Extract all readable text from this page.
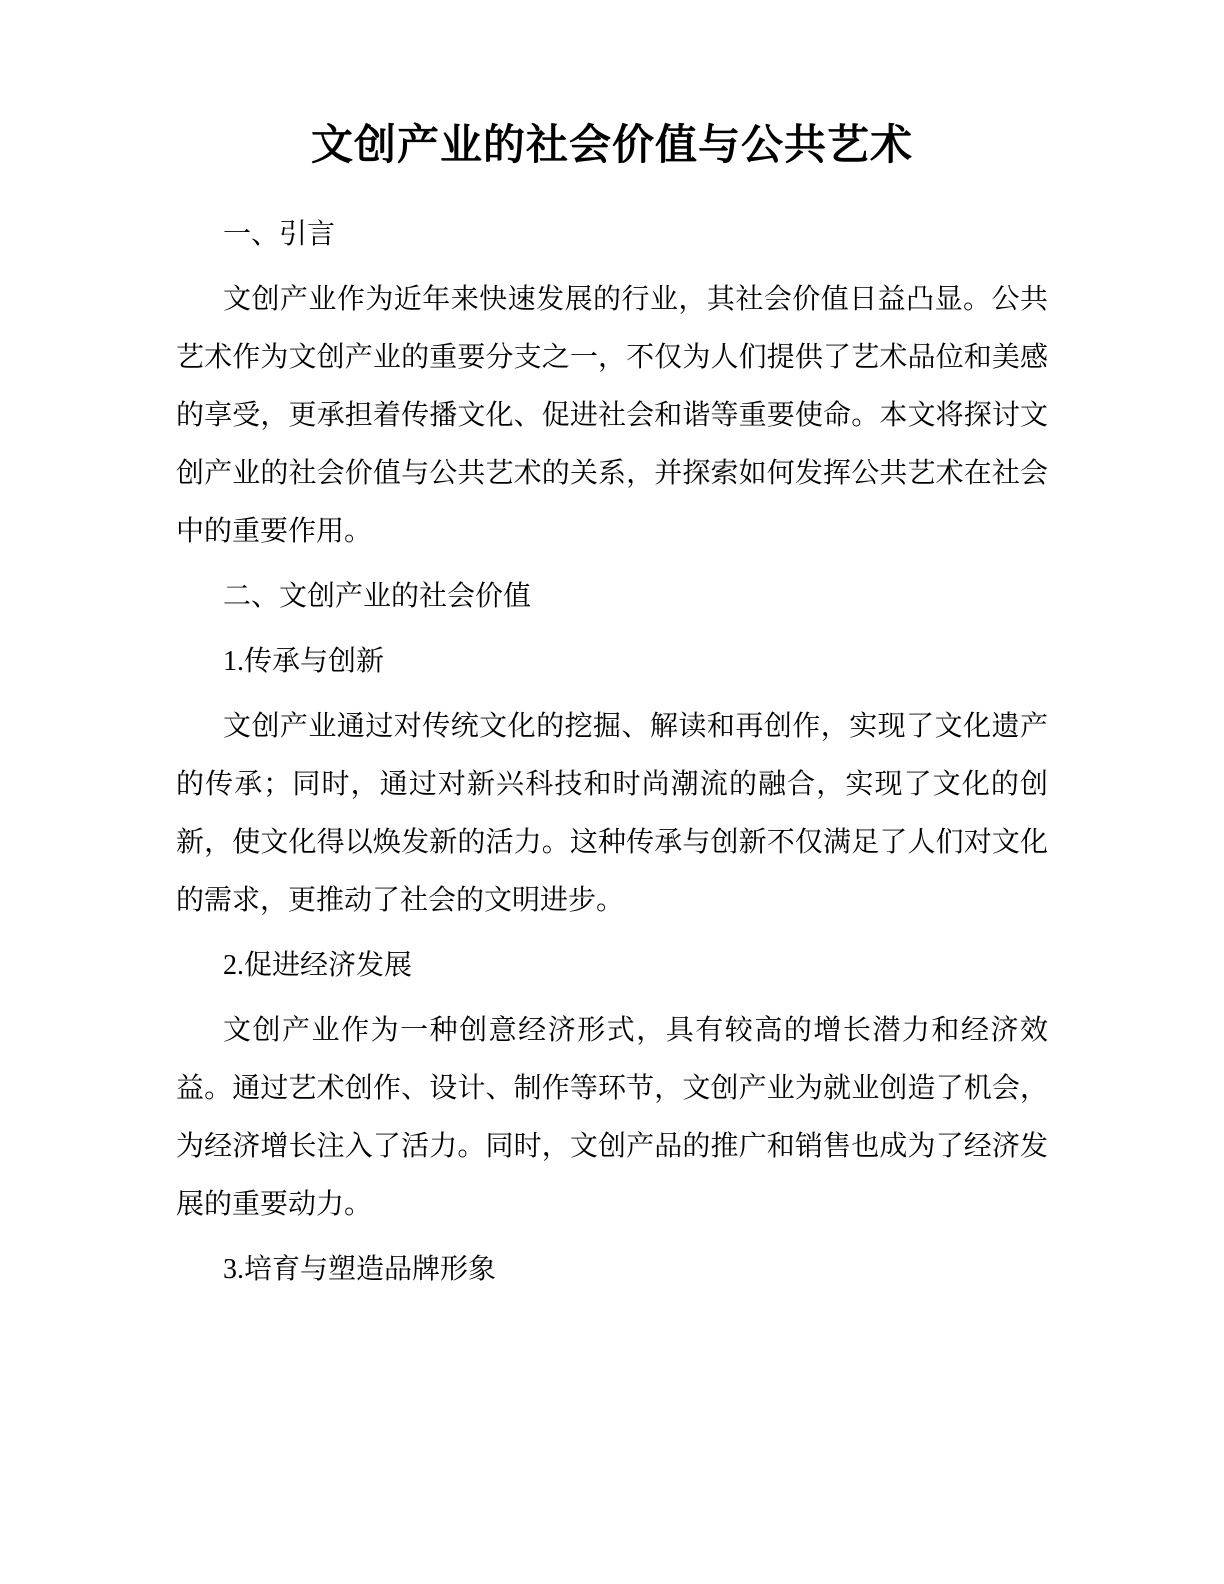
文创产业的社会价值与公共艺术

一、引言

文创产业作为近年来快速发展的行业，其社会价值日益凸显。公共艺术作为文创产业的重要分支之一，不仅为人们提供了艺术品位和美感的享受，更承担着传播文化、促进社会和谐等重要使命。本文将探讨文创产业的社会价值与公共艺术的关系，并探索如何发挥公共艺术在社会中的重要作用。

二、文创产业的社会价值

1.传承与创新

文创产业通过对传统文化的挖掘、解读和再创作，实现了文化遗产的传承；同时，通过对新兴科技和时尚潮流的融合，实现了文化的创新，使文化得以焕发新的活力。这种传承与创新不仅满足了人们对文化的需求，更推动了社会的文明进步。

2.促进经济发展

文创产业作为一种创意经济形式，具有较高的增长潜力和经济效益。通过艺术创作、设计、制作等环节，文创产业为就业创造了机会，为经济增长注入了活力。同时，文创产品的推广和销售也成为了经济发展的重要动力。

3.培育与塑造品牌形象
